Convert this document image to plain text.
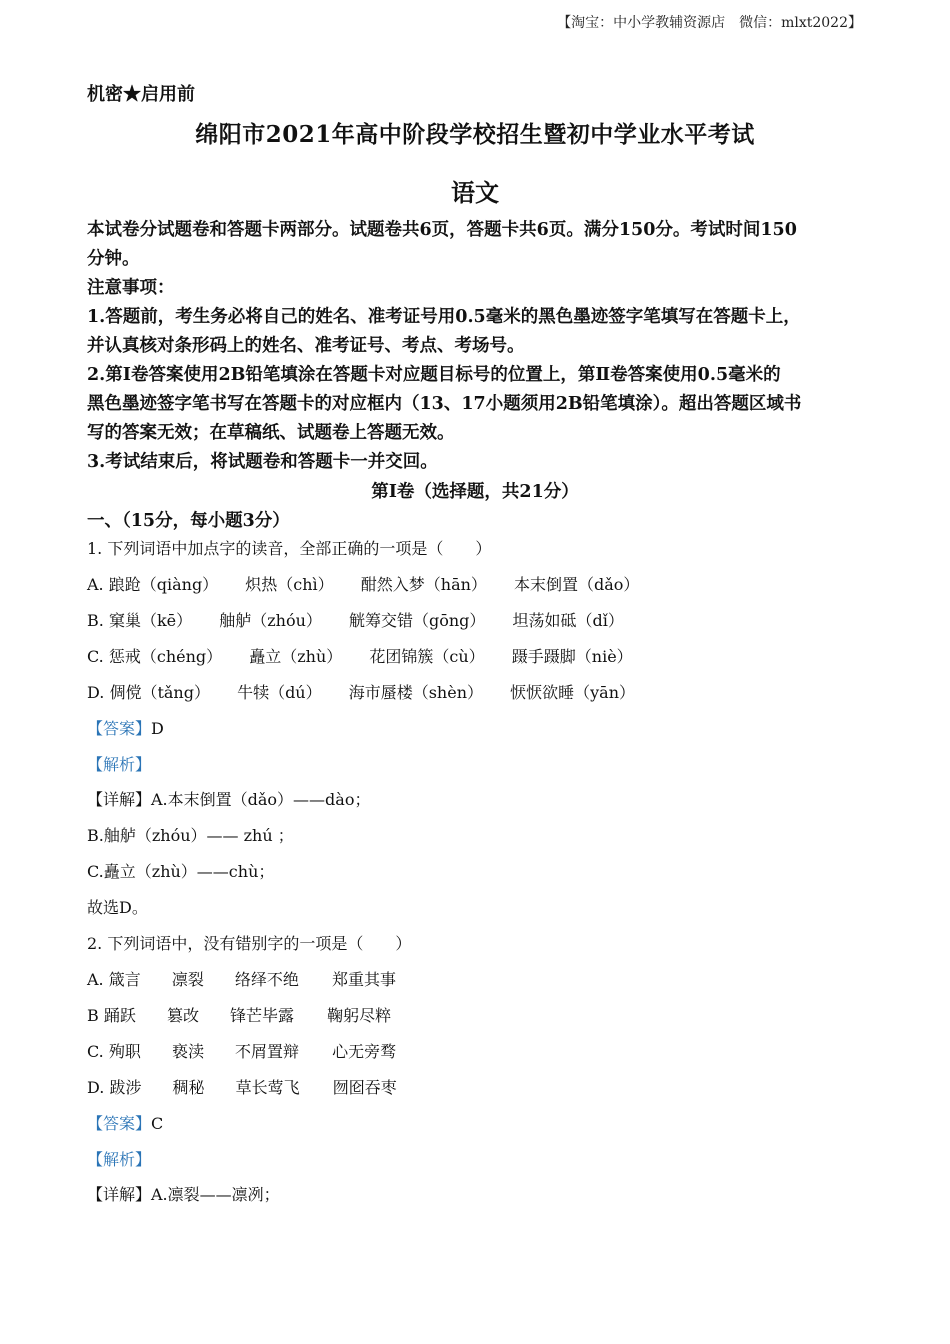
【淘宝：中小学教辅资源店　微信：mlxt2022】
机密★启用前
绵阳市2021年高中阶段学校招生暨初中学业水平考试
语文

本试卷分试题卷和答题卡两部分。试题卷共6页，答题卡共6页。满分150分。考试时间150

分钟。

注意事项：

1.答题前，考生务必将自己的姓名、准考证号用0.5毫米的黑色墨迹签字笔填写在答题卡上，

并认真核对条形码上的姓名、准考证号、考点、考场号。

2.第Ⅰ卷答案使用2B铅笔填涂在答题卡对应题目标号的位置上，第Ⅱ卷答案使用0.5毫米的

黑色墨迹签字笔书写在答题卡的对应框内（13、17小题须用2B铅笔填涂）。超出答题区域书

写的答案无效；在草稿纸、试题卷上答题无效。

3.考试结束后，将试题卷和答题卡一并交回。

第Ⅰ卷（选择题，共21分）
一、（15分，每小题3分）
1. 下列词语中加点字的读音，全部正确的一项是（　　）
A. 踉跄（qiàng） 炽热（chì） 酣然入梦（hān） 本末倒置（dǎo）
B. 窠巢（kē） 舳舻（zhóu） 觥筹交错（gōng） 坦荡如砥（dǐ）
C. 惩戒（chéng） 矗立（zhù） 花团锦簇（cù） 蹑手蹑脚（niè）
D. 倜傥（tǎng） 牛犊（dú） 海市蜃楼（shèn） 恹恹欲睡（yān）
【答案】D
【解析】
【详解】A.本末倒置（dǎo）——dào；
B.舳舻（zhóu）—— zhú ；
C.矗立（zhù）——chù；
故选D。
2. 下列词语中，没有错别字的一项是（　　）
A. 箴言 凛裂 络绎不绝 郑重其事
B 踊跃 篡改 锋芒毕露 鞠躬尽粹
C. 殉职 亵渎 不屑置辩 心无旁骛
D. 跋涉 稠秘 草长莺飞 囫囵吞枣
【答案】C
【解析】
【详解】A.凛裂——凛冽；
